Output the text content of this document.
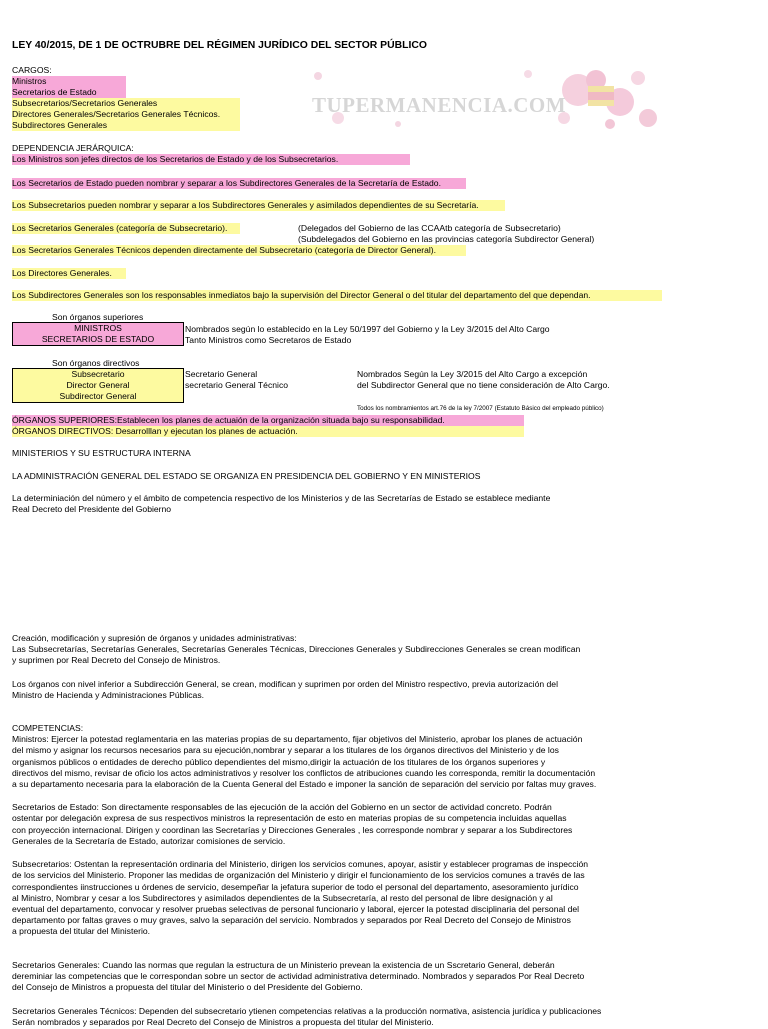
LEY 40/2015, DE 1 DE OCTRUBRE DEL RÉGIMEN JURÍDICO DEL SECTOR PÚBLICO
TUPERMANENCIA.COM
CARGOS:
Ministros
Secretarios de Estado
Subsecretarios/Secretarios Generales
Directores Generales/Secretarios Generales Técnicos.
Subdirectores Generales
DEPENDENCIA JERÁRQUICA:
Los Ministros son jefes directos de los Secretarios de Estado y de los Subsecretarios.
Los Secretarios de Estado pueden nombrar y separar a los Subdirectores Generales de la Secretaría de Estado.
Los Subsecretarios pueden nombrar y separar a los Subdirectores Generales y asimilados dependientes de su Secretaría.
Los Secretarios Generales (categoría de Subsecretario).	(Delegados del Gobierno de las CCAAtb categoría de Subsecretario)
(Subdelegados del Gobierno en las provincias categoría Subdirector General)
Los Secretarios Generales Técnicos dependen directamente del Subsecretario (categoría de Director General).
Los Directores Generales.
Los Subdirectores Generales son los responsables inmediatos bajo la supervisión del Director General o del titular del departamento del que dependan.
Son órganos superiores
MINISTROS
SECRETARIOS DE ESTADO
Nombrados según lo establecido en la Ley 50/1997 del Gobierno y la Ley 3/2015 del Alto Cargo
Tanto Ministros como Secretaros de Estado
Son órganos directivos
Subsecretario
Director General
Subdirector General
Secretario General
secretario General Técnico
Nombrados Según la Ley 3/2015 del Alto Cargo a excepción
del Subdirector General que no tiene consideración de Alto Cargo.
Todos los nombramientos art.76 de la ley 7/2007 (Estatuto Básico del empleado público)
ÓRGANOS SUPERIORES:Establecen los planes de actuaión de la organización situada bajo su responsabilidad.
ÓRGANOS DIRECTIVOS: Desarrolllan y ejecutan los planes de actuación.
MINISTERIOS Y SU ESTRUCTURA INTERNA
LA ADMINISTRACIÓN GENERAL DEL ESTADO SE ORGANIZA EN PRESIDENCIA DEL GOBIERNO Y EN MINISTERIOS
La determiniación del número y el ámbito de competencia respectivo de los Ministerios y de las Secretarías de Estado se establece mediante
Real Decreto del Presidente del Gobierno
Creación, modificación y supresión de órganos y unidades administrativas:
Las Subsecretarías, Secretarías Generales, Secretarías Generales Técnicas, Direcciones Generales y Subdirecciones Generales se crean modifican
y suprimen por Real Decreto del Consejo de Ministros.
Los órganos con nivel inferior a Subdirección General, se crean, modifican y suprimen por orden del Ministro respectivo, previa autorización del
Ministro de Hacienda y Administraciones Públicas.
COMPETENCIAS:
Ministros: Ejercer la potestad reglamentaria en las materias propias de su departamento, fijar objetivos del Ministerio, aprobar los planes de actuación
del mismo y asignar los recursos necesarios para su ejecución,nombrar y separar a los titulares de los órganos directivos del Ministerio y de los
organismos públicos o entidades de derecho público dependientes del mismo,dirigir la actuación de los titulares de los órganos superiores y
directivos del mismo, revisar de oficio los actos administrativos y resolver los conflictos de atribuciones cuando les corresponda, remitir la documentación
a su departamento necesaria para la elaboración de la Cuenta General del Estado e imponer la sanción de separación del servicio por faltas muy graves.
Secretarios de Estado: Son directamente responsables de las ejecución de la acción del Gobierno en un sector de actividad concreto. Podrán
ostentar por delegación expresa de sus respectivos ministros la representación de esto en materias propias de su competencia incluidas aquellas
con proyección internacional. Dirigen y coordinan las Secretarías y Direcciones Generales , les corresponde nombrar y separar a los Subdirectores
Generales de la Secretaría de Estado, autorizar comisiones de servicio.
Subsecretarios: Ostentan la representación ordinaria del Ministerio, dirigen los servicios comunes, apoyar, asistir y establecer programas de inspección
de los servicios del Ministerio. Proponer las medidas de organización del Ministerio y dirigir el funcionamiento de los servicios comunes a través de las
correspondientes iinstrucciones u órdenes de servicio, desempeñar la jefatura superior de todo el personal del departamento, asesoramiento jurídico
al Ministro, Nombrar y cesar a los Subdirectores y asimilados dependientes de la Subsecretaría, al resto del personal de libre designación y al
eventual del departamento, convocar y resolver pruebas selectivas de personal funcionario y laboral, ejercer la potestad disciplinaria del personal del
departamento por faltas graves o muy graves, salvo la separación del servicio. Nombrados y separados por Real Decreto del Consejo de Ministros
a propuesta del titular del Ministerio.
Secretarios Generales: Cuando las normas que regulan la estructura de un Ministerio prevean la existencia de un Sscretario General, deberán
dereminiar las competencias que le correspondan sobre un sector de actividad administrativa determinado. Nombrados y separados Por Real Decreto
del Consejo de Ministros a propuesta del titular del Ministerio o del Presidente del Gobierno.
Secretarios Generales Técnicos: Dependen del subsecretario ytienen competencias relativas a la producción normativa, asistencia jurídica y publicaciones
Serán nombrados y separados por Real Decreto del Consejo de Ministros a propuesta del titular del Ministerio.
